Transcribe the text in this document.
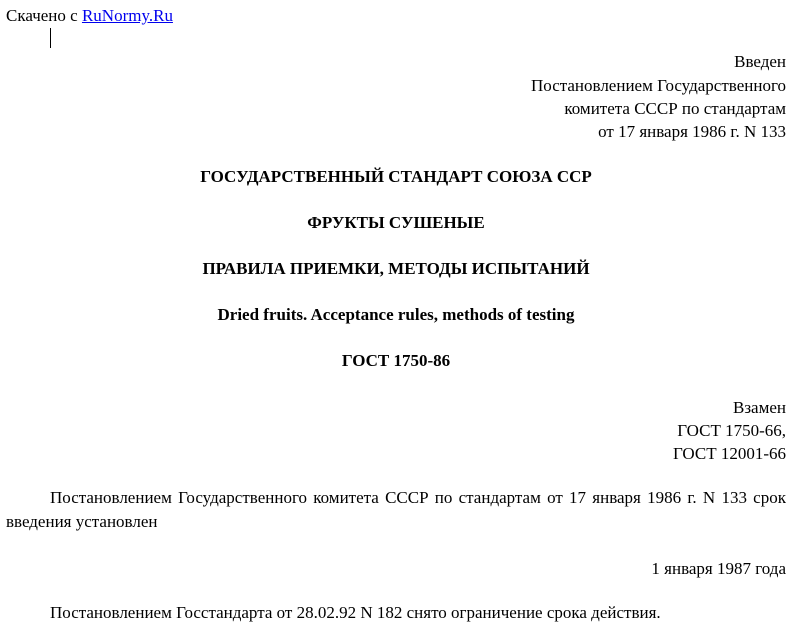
Скачено с RuNormy.Ru
Введен
Постановлением Государственного
комитета СССР по стандартам
от 17 января 1986 г. N 133
ГОСУДАРСТВЕННЫЙ СТАНДАРТ СОЮЗА ССР
ФРУКТЫ СУШЕНЫЕ
ПРАВИЛА ПРИЕМКИ, МЕТОДЫ ИСПЫТАНИЙ
Dried fruits. Acceptance rules, methods of testing
ГОСТ 1750-86
Взамен
ГОСТ 1750-66,
ГОСТ 12001-66
Постановлением Государственного комитета СССР по стандартам от 17 января 1986 г. N 133 срок введения установлен
1 января 1987 года
Постановлением Госстандарта от 28.02.92 N 182 снято ограничение срока действия.
